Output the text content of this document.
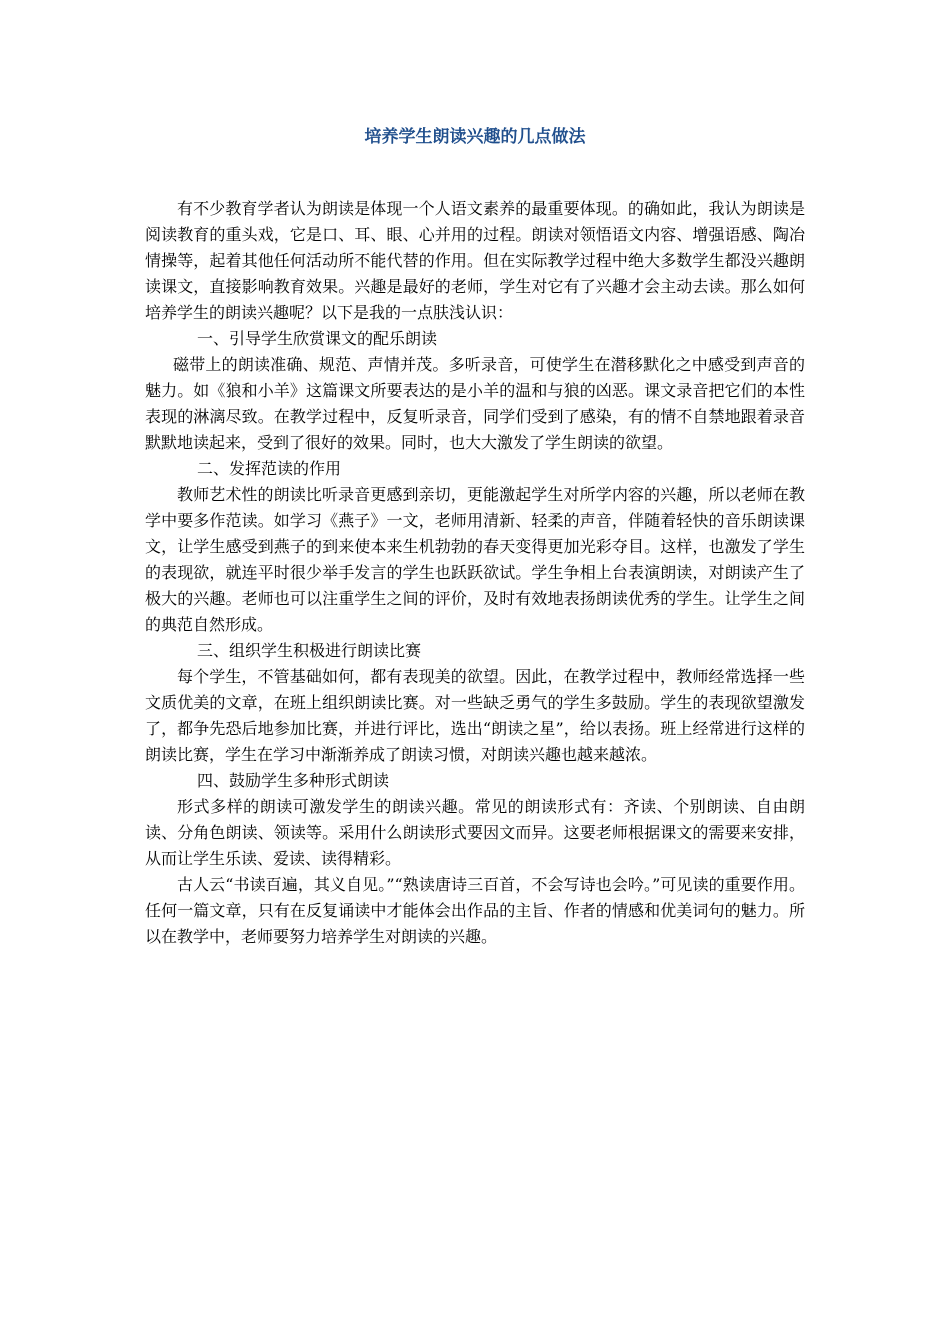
培养学生朗读兴趣的几点做法

有不少教育学者认为朗读是体现一个人语文素养的最重要体现。的确如此，我认为朗读是阅读教育的重头戏，它是口、耳、眼、心并用的过程。朗读对领悟语文内容、增强语感、陶冶情操等，起着其他任何活动所不能代替的作用。但在实际教学过程中绝大多数学生都没兴趣朗读课文，直接影响教育效果。兴趣是最好的老师，学生对它有了兴趣才会主动去读。那么如何培养学生的朗读兴趣呢？以下是我的一点肤浅认识：

一、引导学生欣赏课文的配乐朗读

磁带上的朗读准确、规范、声情并茂。多听录音，可使学生在潜移默化之中感受到声音的魅力。如《狼和小羊》这篇课文所要表达的是小羊的温和与狼的凶恶。课文录音把它们的本性表现的淋漓尽致。在教学过程中，反复听录音，同学们受到了感染，有的情不自禁地跟着录音默默地读起来，受到了很好的效果。同时，也大大激发了学生朗读的欲望。

二、发挥范读的作用

教师艺术性的朗读比听录音更感到亲切，更能激起学生对所学内容的兴趣，所以老师在教学中要多作范读。如学习《燕子》一文，老师用清新、轻柔的声音，伴随着轻快的音乐朗读课文，让学生感受到燕子的到来使本来生机勃勃的春天变得更加光彩夺目。这样，也激发了学生的表现欲，就连平时很少举手发言的学生也跃跃欲试。学生争相上台表演朗读，对朗读产生了极大的兴趣。老师也可以注重学生之间的评价，及时有效地表扬朗读优秀的学生。让学生之间的典范自然形成。

三、组织学生积极进行朗读比赛

每个学生，不管基础如何，都有表现美的欲望。因此，在教学过程中，教师经常选择一些文质优美的文章，在班上组织朗读比赛。对一些缺乏勇气的学生多鼓励。学生的表现欲望激发了，都争先恐后地参加比赛，并进行评比，选出“朗读之星”，给以表扬。班上经常进行这样的朗读比赛，学生在学习中渐渐养成了朗读习惯，对朗读兴趣也越来越浓。

四、鼓励学生多种形式朗读

形式多样的朗读可激发学生的朗读兴趣。常见的朗读形式有：齐读、个别朗读、自由朗读、分角色朗读、领读等。采用什么朗读形式要因文而异。这要老师根据课文的需要来安排，从而让学生乐读、爱读、读得精彩。

古人云“书读百遍，其义自见。”“熟读唐诗三百首，不会写诗也会吟。”可见读的重要作用。任何一篇文章，只有在反复诵读中才能体会出作品的主旨、作者的情感和优美词句的魅力。所以在教学中，老师要努力培养学生对朗读的兴趣。
